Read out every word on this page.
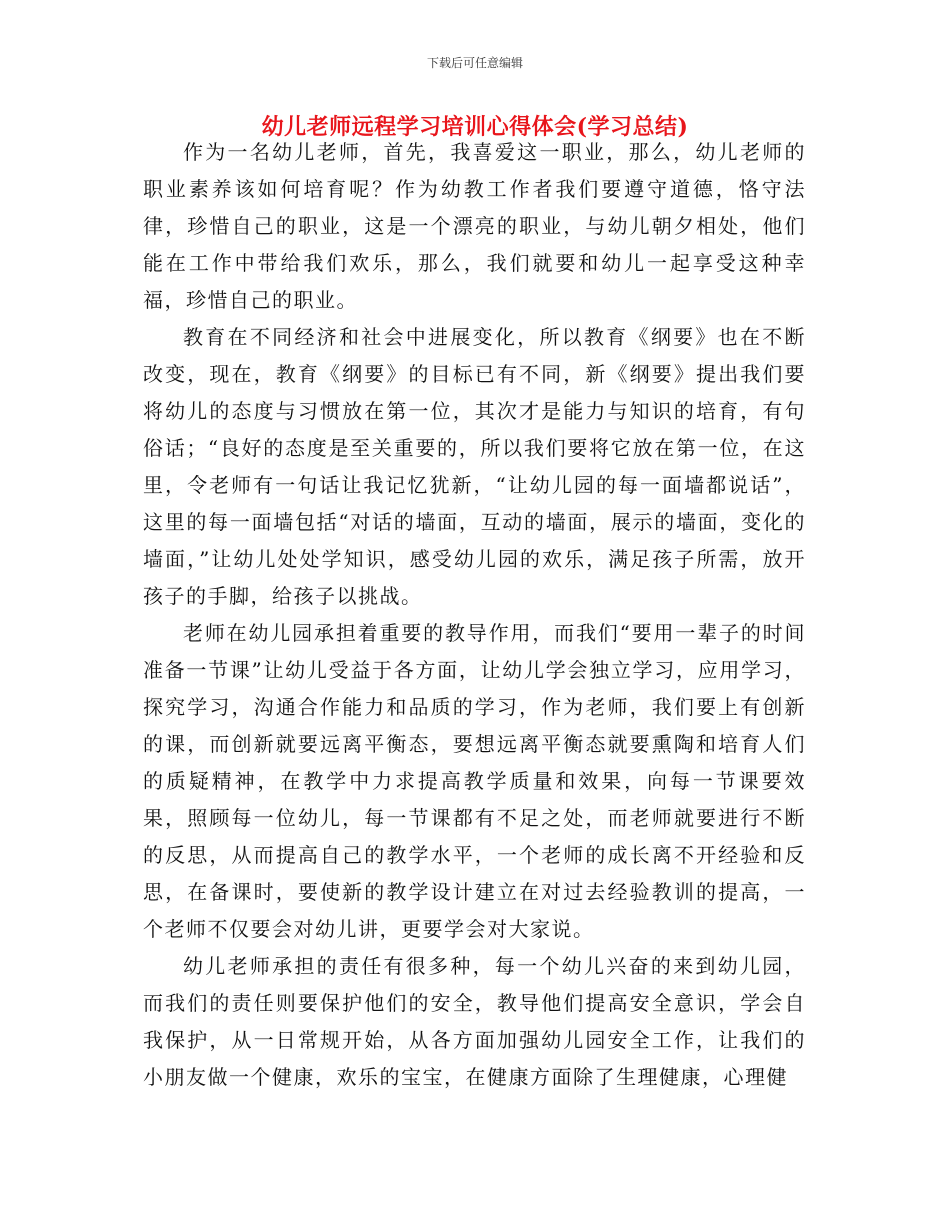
下载后可任意编辑
幼儿老师远程学习培训心得体会(学习总结)

作为一名幼儿老师，首先，我喜爱这一职业，那么，幼儿老师的职业素养该如何培育呢？作为幼教工作者我们要遵守道德，恪守法律，珍惜自己的职业，这是一个漂亮的职业，与幼儿朝夕相处，他们能在工作中带给我们欢乐，那么，我们就要和幼儿一起享受这种幸福，珍惜自己的职业。

教育在不同经济和社会中进展变化，所以教育《纲要》也在不断改变，现在，教育《纲要》的目标已有不同，新《纲要》提出我们要将幼儿的态度与习惯放在第一位，其次才是能力与知识的培育，有句俗话；“良好的态度是至关重要的，所以我们要将它放在第一位，在这里，令老师有一句话让我记忆犹新，“让幼儿园的每一面墙都说话”，这里的每一面墙包括“对话的墙面，互动的墙面，展示的墙面，变化的墙面，”让幼儿处处学知识，感受幼儿园的欢乐，满足孩子所需，放开孩子的手脚，给孩子以挑战。

老师在幼儿园承担着重要的教导作用，而我们“要用一辈子的时间准备一节课”让幼儿受益于各方面，让幼儿学会独立学习，应用学习，探究学习，沟通合作能力和品质的学习，作为老师，我们要上有创新的课，而创新就要远离平衡态，要想远离平衡态就要熏陶和培育人们的质疑精神，在教学中力求提高教学质量和效果，向每一节课要效果，照顾每一位幼儿，每一节课都有不足之处，而老师就要进行不断的反思，从而提高自己的教学水平，一个老师的成长离不开经验和反思，在备课时，要使新的教学设计建立在对过去经验教训的提高，一个老师不仅要会对幼儿讲，更要学会对大家说。

幼儿老师承担的责任有很多种，每一个幼儿兴奋的来到幼儿园，而我们的责任则要保护他们的安全，教导他们提高安全意识，学会自我保护，从一日常规开始，从各方面加强幼儿园安全工作，让我们的小朋友做一个健康，欢乐的宝宝，在健康方面除了生理健康，心理健
